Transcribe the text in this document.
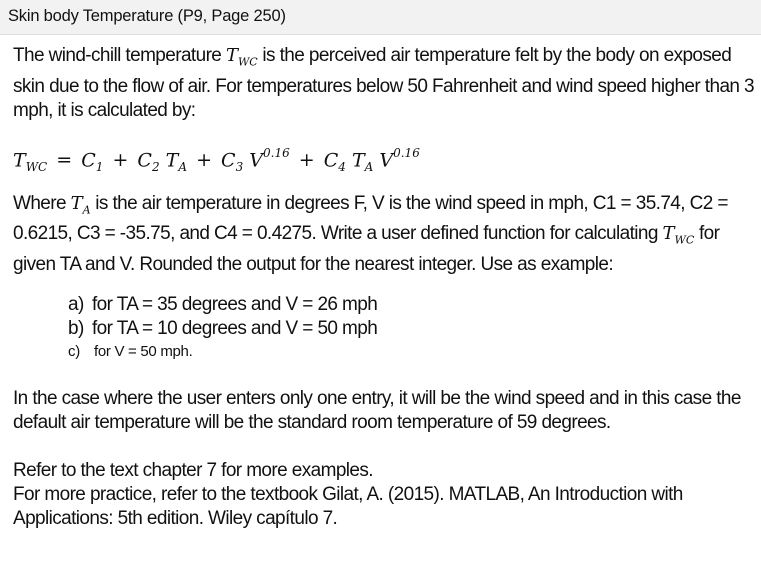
Skin body Temperature (P9, Page 250)

The wind-chill temperature $T_{WC}$ is the perceived air temperature felt by the body on exposed skin due to the flow of air. For temperatures below 50 Fahrenheit and wind speed higher than 3 mph, it is calculated by:

$T_{WC} = C_1 + C_2$ $T_A + C_3$ $V^{0.16} + C_4$ $T_A$ $V^{0.16}$

Where $T_A$ is the air temperature in degrees F, V is the wind speed in mph, C1 = 35.74, C2 = 0.6215, C3 = -35.75, and C4 = 0.4275. Write a user defined function for calculating $T_{WC}$ for given TA and V. Rounded the output for the nearest integer. Use as example:

a) for TA = 35 degrees and V = 26 mph
b) for TA = 10 degrees and V = 50 mph
c) for V = 50 mph.

In the case where the user enters only one entry, it will be the wind speed and in this case the default air temperature will be the standard room temperature of 59 degrees.

Refer to the text chapter 7 for more examples.

For more practice, refer to the textbook Gilat, A. (2015). MATLAB, An Introduction with Applications: 5th edition. Wiley capítulo 7.
